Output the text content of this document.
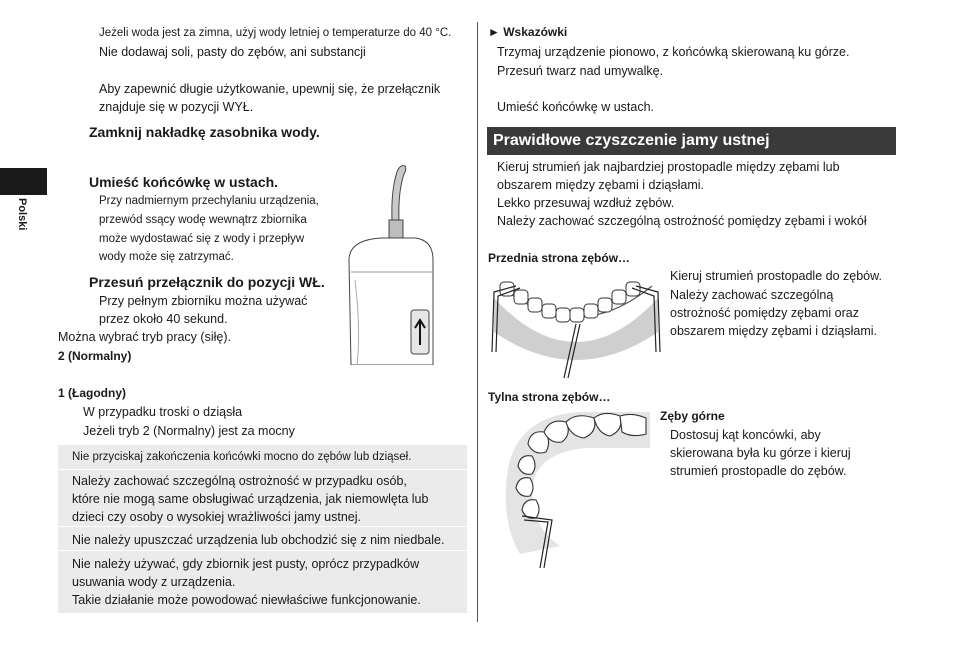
Polski
Jeżeli woda jest za zimna, użyj wody letniej o temperaturze do 40 °C.
Nie dodawaj soli, pasty do zębów, ani substancji
Aby zapewnić długie użytkowanie, upewnij się, że przełącznik
znajduje się w pozycji WYŁ.
Zamknij nakładkę zasobnika wody.
Umieść końcówkę w ustach.
Przy nadmiernym przechylaniu urządzenia,
przewód ssący wodę wewnątrz zbiornika
może wydostawać się z wody i przepływ
wody może się zatrzymać.
Przesuń przełącznik do pozycji WŁ.
Przy pełnym zbiorniku można używać
przez około 40 sekund.
Można wybrać tryb pracy (siłę).
2 (Normalny)
1 (Łagodny)
W przypadku troski o dziąsła
Jeżeli tryb 2 (Normalny) jest za mocny
Nie przyciskaj zakończenia końcówki mocno do zębów lub dziąseł.
Należy zachować szczególną ostrożność w przypadku osób,
które nie mogą same obsługiwać urządzenia, jak niemowlęta lub
dzieci czy osoby o wysokiej wrażliwości jamy ustnej.
Nie należy upuszczać urządzenia lub obchodzić się z nim niedbale.
Nie należy używać, gdy zbiornik jest pusty, oprócz przypadków
usuwania wody z urządzenia.
Takie działanie może powodować niewłaściwe funkcjonowanie.
► Wskazówki
Trzymaj urządzenie pionowo, z końcówką skierowaną ku górze.
Przesuń twarz nad umywalkę.
Umieść końcówkę w ustach.
Prawidłowe czyszczenie jamy ustnej
Kieruj strumień jak najbardziej prostopadle między zębami lub
obszarem między zębami i dziąsłami.
Lekko przesuwaj wzdłuż zębów.
Należy zachować szczególną ostrożność pomiędzy zębami i wokół
Przednia strona zębów…
Kieruj strumień prostopadle do zębów.
Należy zachować szczególną
ostrożność pomiędzy zębami oraz
obszarem między zębami i dziąsłami.
Tylna strona zębów…
Zęby górne
Dostosuj kąt koncówki, aby
skierowana była ku górze i kieruj
strumień prostopadle do zębów.
